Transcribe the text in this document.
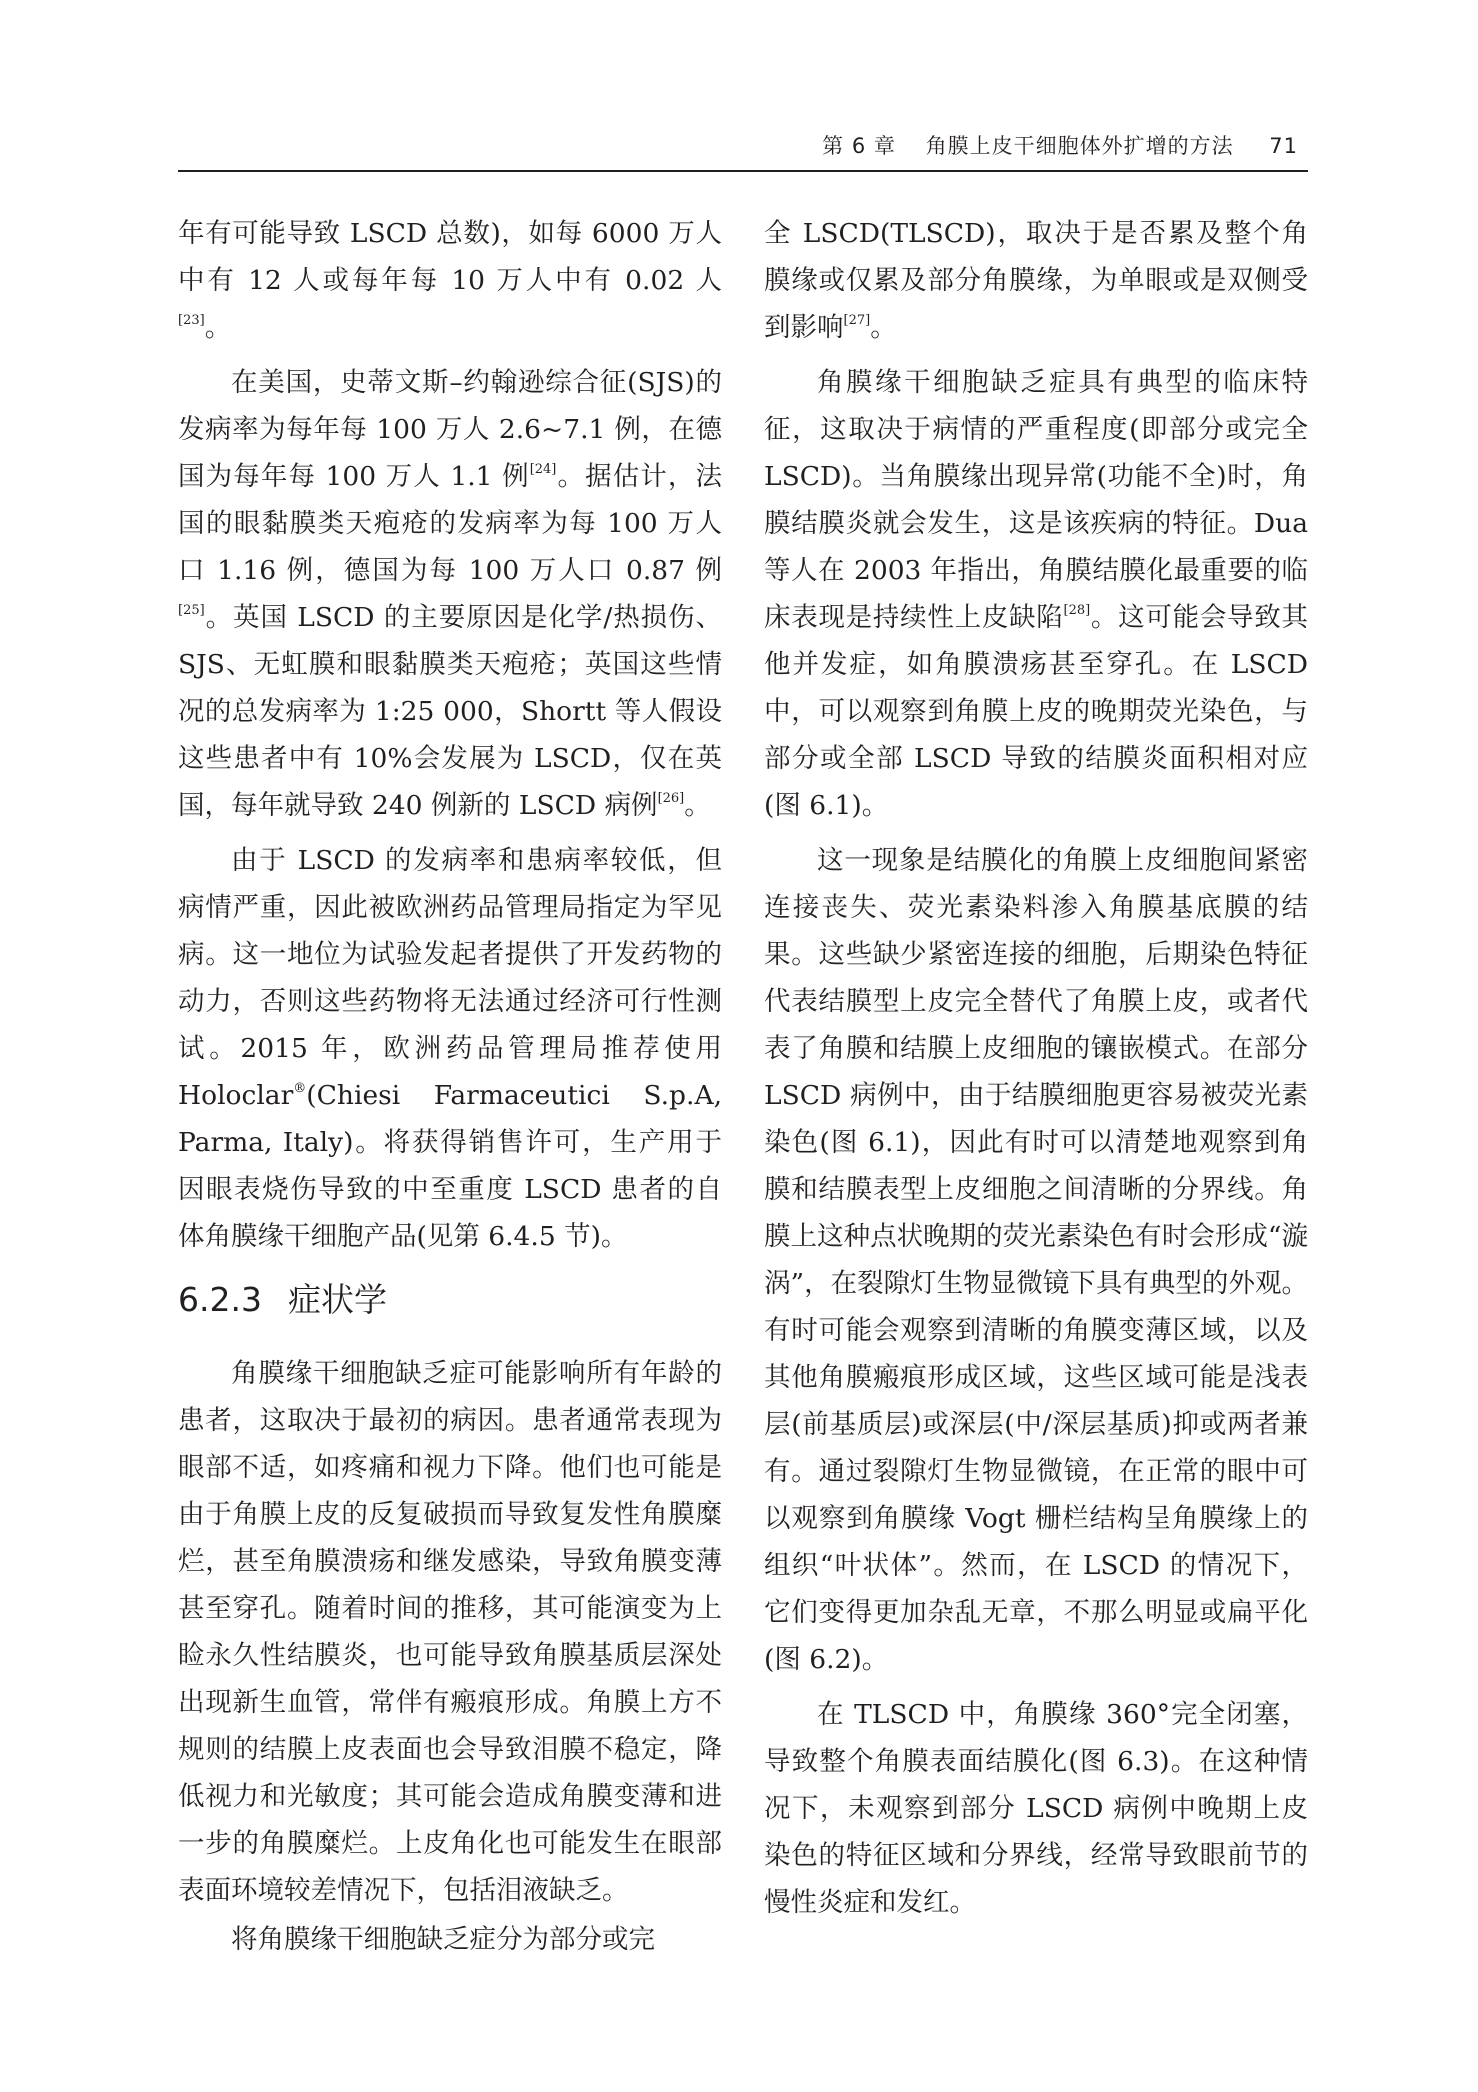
第 6 章 角膜上皮干细胞体外扩增的方法 71

年有可能导致 LSCD 总数)，如每 6000 万人中有 12 人或每年每 10 万人中有 0.02 人[23]。

在美国，史蒂文斯–约翰逊综合征(SJS)的发病率为每年每 100 万人 2.6~7.1 例，在德国为每年每 100 万人 1.1 例[24]。据估计，法国的眼黏膜类天疱疮的发病率为每 100 万人口 1.16 例，德国为每 100 万人口 0.87 例[25]。英国 LSCD 的主要原因是化学/热损伤、SJS、无虹膜和眼黏膜类天疱疮；英国这些情况的总发病率为 1:25 000，Shortt 等人假设这些患者中有 10%会发展为 LSCD，仅在英国，每年就导致 240 例新的 LSCD 病例[26]。

由于 LSCD 的发病率和患病率较低，但病情严重，因此被欧洲药品管理局指定为罕见病。这一地位为试验发起者提供了开发药物的动力，否则这些药物将无法通过经济可行性测试。2015 年，欧洲药品管理局推荐使用 Holoclar®(Chiesi Farmaceutici S.p.A, Parma, Italy)。将获得销售许可，生产用于因眼表烧伤导致的中至重度 LSCD 患者的自体角膜缘干细胞产品(见第 6.4.5 节)。

6.2.3 症状学

角膜缘干细胞缺乏症可能影响所有年龄的患者，这取决于最初的病因。患者通常表现为眼部不适，如疼痛和视力下降。他们也可能是由于角膜上皮的反复破损而导致复发性角膜糜烂，甚至角膜溃疡和继发感染，导致角膜变薄甚至穿孔。随着时间的推移，其可能演变为上睑永久性结膜炎，也可能导致角膜基质层深处出现新生血管，常伴有瘢痕形成。角膜上方不规则的结膜上皮表面也会导致泪膜不稳定，降低视力和光敏度；其可能会造成角膜变薄和进一步的角膜糜烂。上皮角化也可能发生在眼部表面环境较差情况下，包括泪液缺乏。

将角膜缘干细胞缺乏症分为部分或完

全 LSCD(TLSCD)，取决于是否累及整个角膜缘或仅累及部分角膜缘，为单眼或是双侧受到影响[27]。

角膜缘干细胞缺乏症具有典型的临床特征，这取决于病情的严重程度(即部分或完全 LSCD)。当角膜缘出现异常(功能不全)时，角膜结膜炎就会发生，这是该疾病的特征。Dua 等人在 2003 年指出，角膜结膜化最重要的临床表现是持续性上皮缺陷[28]。这可能会导致其他并发症，如角膜溃疡甚至穿孔。在 LSCD 中，可以观察到角膜上皮的晚期荧光染色，与部分或全部 LSCD 导致的结膜炎面积相对应(图 6.1)。

这一现象是结膜化的角膜上皮细胞间紧密连接丧失、荧光素染料渗入角膜基底膜的结果。这些缺少紧密连接的细胞，后期染色特征代表结膜型上皮完全替代了角膜上皮，或者代表了角膜和结膜上皮细胞的镶嵌模式。在部分 LSCD 病例中，由于结膜细胞更容易被荧光素染色(图 6.1)，因此有时可以清楚地观察到角膜和结膜表型上皮细胞之间清晰的分界线。角膜上这种点状晚期的荧光素染色有时会形成“漩涡”，在裂隙灯生物显微镜下具有典型的外观。有时可能会观察到清晰的角膜变薄区域，以及其他角膜瘢痕形成区域，这些区域可能是浅表层(前基质层)或深层(中/深层基质)抑或两者兼有。通过裂隙灯生物显微镜，在正常的眼中可以观察到角膜缘 Vogt 栅栏结构呈角膜缘上的组织“叶状体”。然而，在 LSCD 的情况下，它们变得更加杂乱无章，不那么明显或扁平化(图 6.2)。

在 TLSCD 中，角膜缘 360°完全闭塞，导致整个角膜表面结膜化(图 6.3)。在这种情况下，未观察到部分 LSCD 病例中晚期上皮染色的特征区域和分界线，经常导致眼前节的慢性炎症和发红。
